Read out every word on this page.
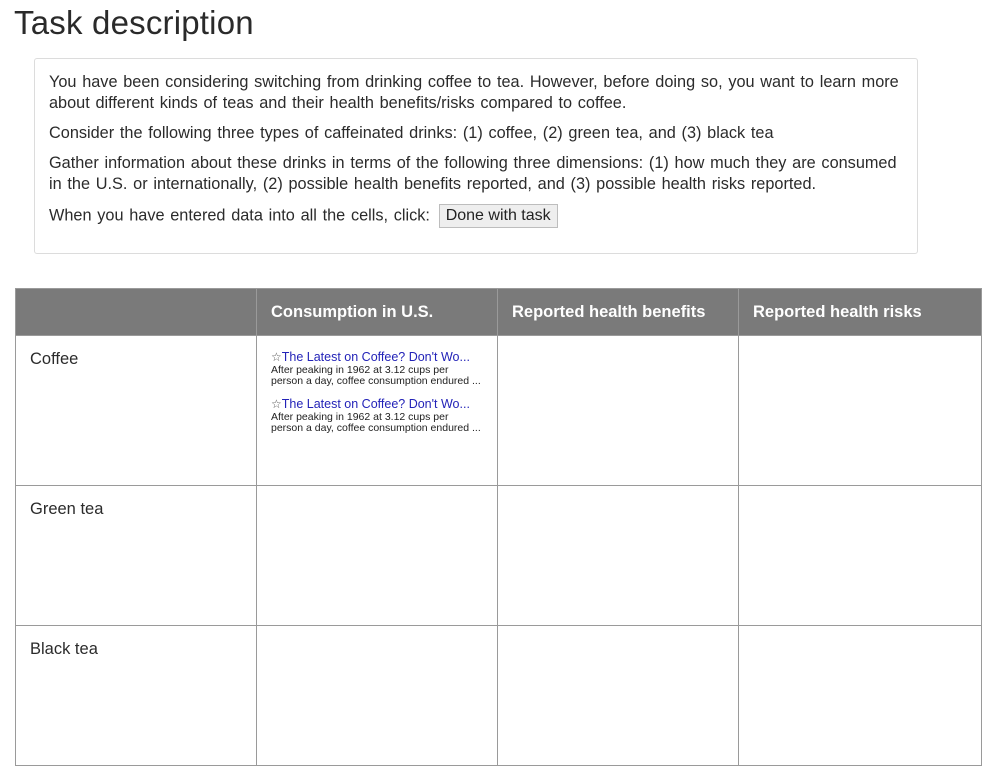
Task description

You have been considering switching from drinking coffee to tea. However, before doing so, you want to learn more about different kinds of teas and their health benefits/risks compared to coffee.

Consider the following three types of caffeinated drinks: (1) coffee, (2) green tea, and (3) black tea

Gather information about these drinks in terms of the following three dimensions: (1) how much they are consumed in the U.S. or internationally, (2) possible health benefits reported, and (3) possible health risks reported.

When you have entered data into all the cells, click: Done with task

	Consumption in U.S.	Reported health benefits	Reported health risks
Coffee	☆The Latest on Coffee? Don't Wo...
After peaking in 1962 at 3.12 cups per person a day, coffee consumption endured ...
☆The Latest on Coffee? Don't Wo...
After peaking in 1962 at 3.12 cups per person a day, coffee consumption endured ...		

Green tea			
Black tea			
